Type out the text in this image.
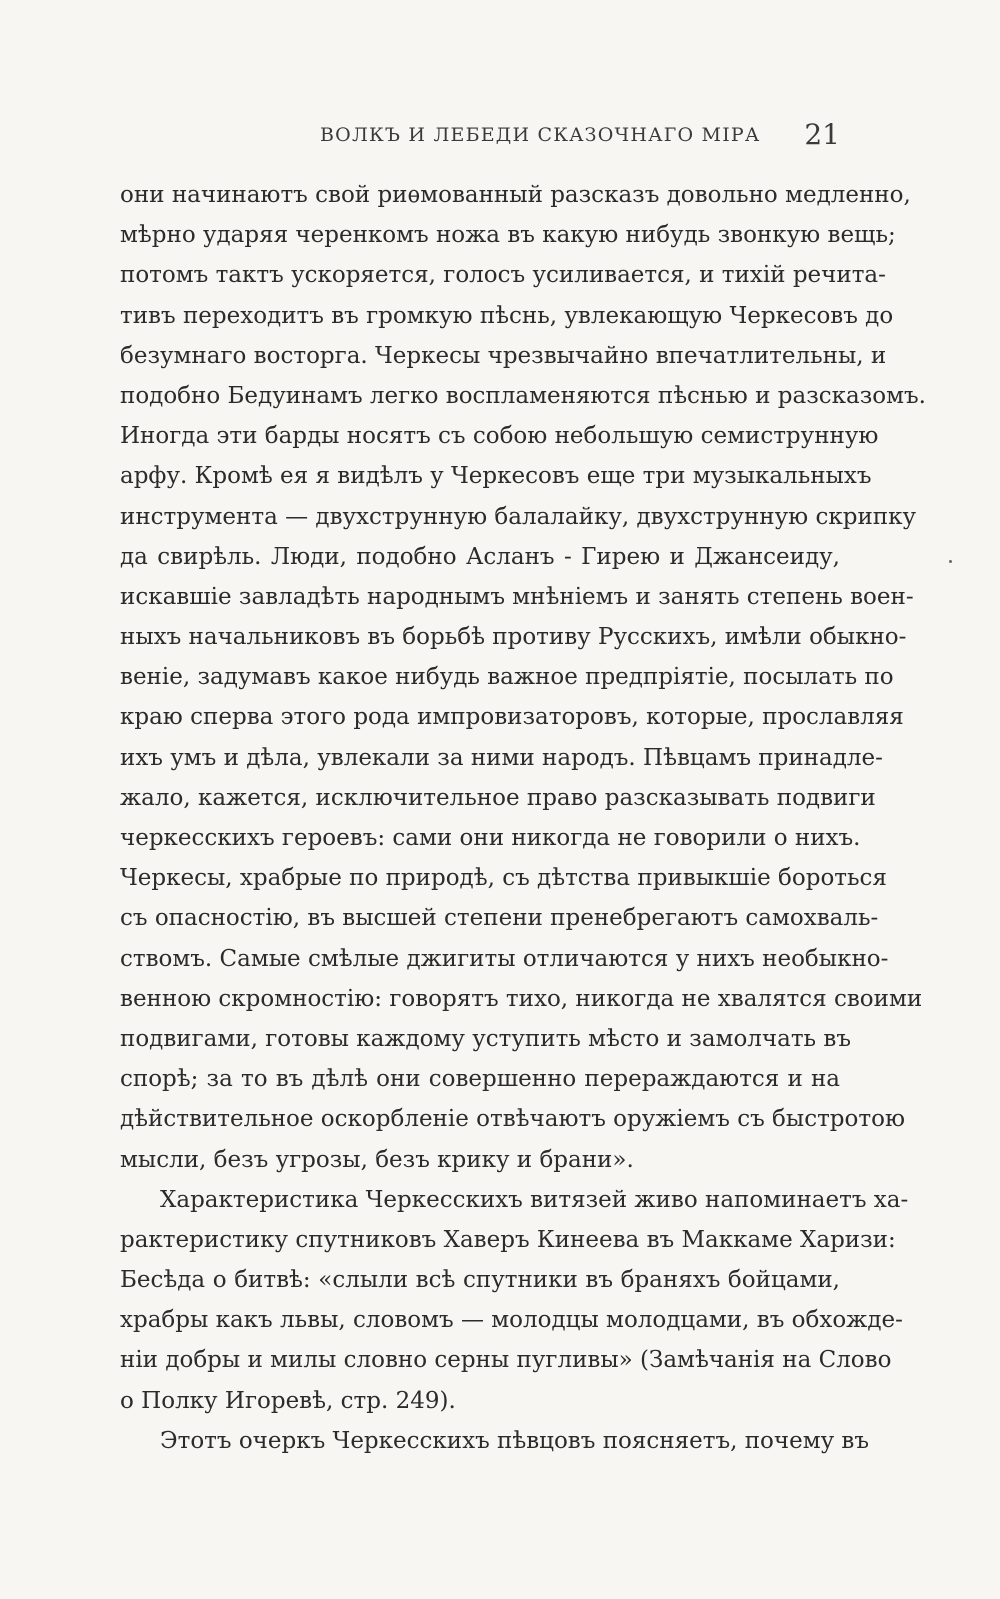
ВОЛКЪ И ЛЕБЕДИ СКАЗОЧНАГО МІРА 21
они начинаютъ свой риѳмованный разсказъ довольно медленно,
мѣрно ударяя черенкомъ ножа въ какую нибудь звонкую вещь;
потомъ тактъ ускоряется, голосъ усиливается, и тихій речита-
тивъ переходитъ въ громкую пѣснь, увлекающую Черкесовъ до
безумнаго восторга. Черкесы чрезвычайно впечатлительны, и
подобно Бедуинамъ легко воспламеняются пѣснью и разсказомъ.
Иногда эти барды носятъ съ собою небольшую семиструнную
арфу. Кромѣ ея я видѣлъ у Черкесовъ еще три музыкальныхъ
инструмента — двухструнную балалайку, двухструнную скрипку
да свирѣль. Люди, подобно Асланъ - Гирею и Джансеиду,
искавшіе завладѣть народнымъ мнѣніемъ и занять степень воен-
ныхъ начальниковъ въ борьбѣ противу Русскихъ, имѣли обыкно-
веніе, задумавъ какое нибудь важное предпріятіе, посылать по
краю сперва этого рода импровизаторовъ, которые, прославляя
ихъ умъ и дѣла, увлекали за ними народъ. Пѣвцамъ принадле-
жало, кажется, исключительное право разсказывать подвиги
черкесскихъ героевъ: сами они никогда не говорили о нихъ.
Черкесы, храбрые по природѣ, съ дѣтства привыкшіе бороться
съ опасностію, въ высшей степени пренебрегаютъ самохваль-
ствомъ. Самые смѣлые джигиты отличаются у нихъ необыкно-
венною скромностію: говорятъ тихо, никогда не хвалятся своими
подвигами, готовы каждому уступить мѣсто и замолчать въ
спорѣ; за то въ дѣлѣ они совершенно перераждаются и на
дѣйствительное оскорбленіе отвѣчаютъ оружіемъ съ быстротою
мысли, безъ угрозы, безъ крику и брани».
Характеристика Черкесскихъ витязей живо напоминаетъ ха-
рактеристику спутниковъ Хаверъ Кинеева въ Маккаме Харизи:
Бесѣда о битвѣ: «слыли всѣ спутники въ браняхъ бойцами,
храбры какъ львы, словомъ — молодцы молодцами, въ обхожде-
ніи добры и милы словно серны пугливы» (Замѣчанія на Слово
о Полку Игоревѣ, стр. 249).
Этотъ очеркъ Черкесскихъ пѣвцовъ поясняетъ, почему въ
